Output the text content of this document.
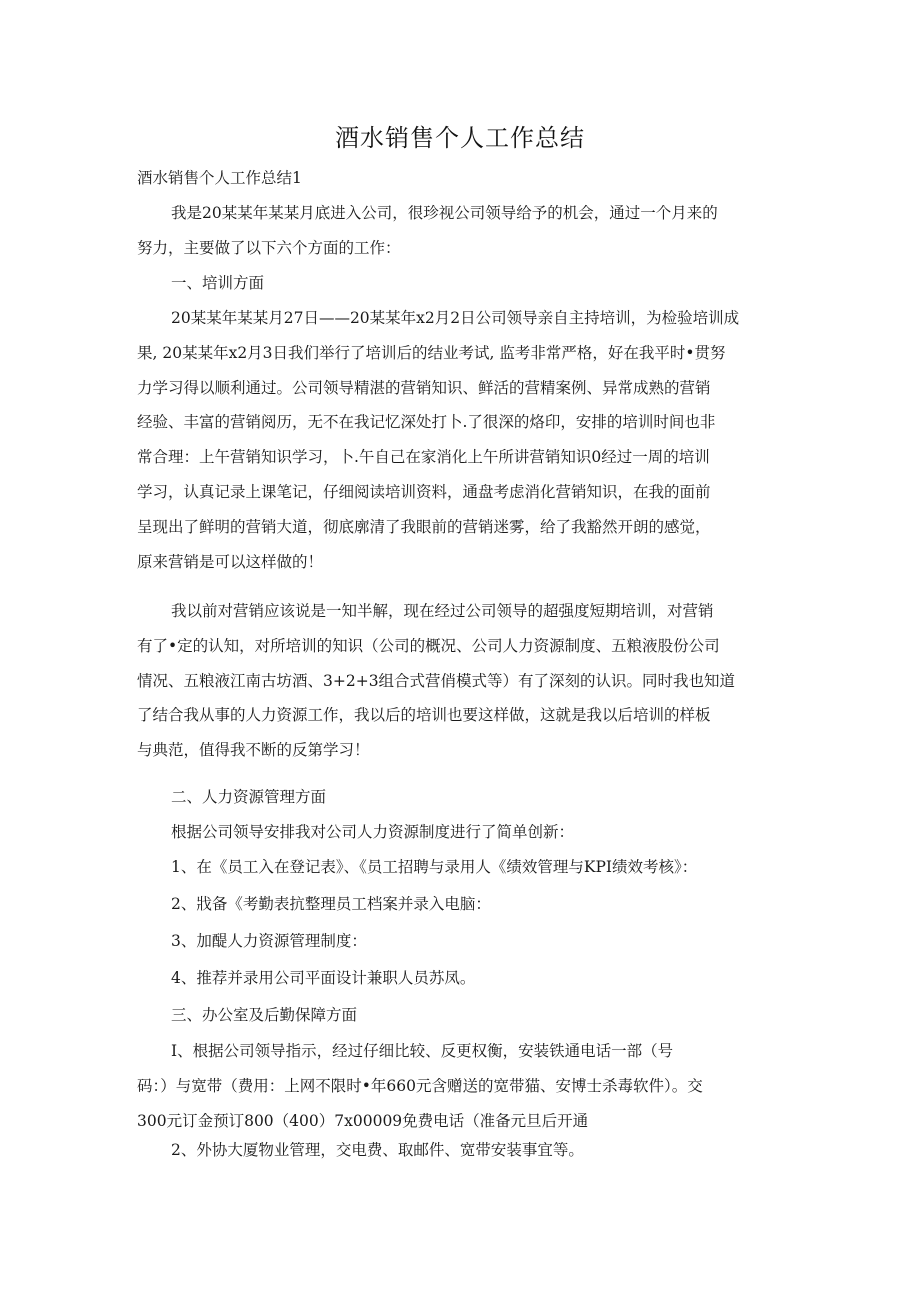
酒水销售个人工作总结
酒水销售个人工作总结1
我是20某某年某某月底进入公司，很珍视公司领导给予的机会，通过一个月来的
努力，主要做了以下六个方面的工作：
一、培训方面
20某某年某某月27日——20某某年x2月2日公司领导亲自主持培训，为检验培训成
果, 20某某年x2月3日我们举行了培训后的结业考试, 监考非常严格，好在我平时•贯努
力学习得以顺利通过。公司领导精湛的营销知识、鲜活的营精案例、异常成熟的营销
经验、丰富的营销阅历，无不在我记忆深处打卜.了很深的烙印，安排的培训时间也非
常合理：上午营销知识学习，卜.午自己在家消化上午所讲营销知识0经过一周的培训
学习，认真记录上课笔记，仔细阅读培训资料，通盘考虑消化营销知识，在我的面前
呈现出了鲜明的营销大道，彻底廓清了我眼前的营销迷雾，给了我豁然开朗的感觉，
原来营销是可以这样做的！
我以前对营销应该说是一知半解，现在经过公司领导的超强度短期培训，对营销
有了•定的认知，对所培训的知识（公司的概况、公司人力资源制度、五粮液股份公司
情况、五粮液江南古坊酒、3+2+3组合式营俏模式等）有了深刻的认识。同时我也知道
了结合我从事的人力资源工作，我以后的培训也要这样做，这就是我以后培训的样板
与典范，值得我不断的反第学习！
二、人力资源管理方面
根据公司领导安排我对公司人力资源制度进行了简单创新：
1、在《员工入在登记表》、《员工招聘与录用人《绩效管理与KPI绩效考核》：
2、戕备《考勤表抗整理员工档案并录入电脑：
3、加醍人力资源管理制度：
4、推荐并录用公司平面设计兼职人员苏凤。
三、办公室及后勤保障方面
I、根据公司领导指示，经过仔细比较、反更权衡，安装铁通电话一部（号
码：）与宽带（费用：上网不限时•年660元含赠送的宽带猫、安博士杀毒软件）。交
300元订金预订800（400）7x00009免费电话（准备元旦后开通
2、外协大厦物业管理，交电费、取邮件、宽带安装事宜等。
